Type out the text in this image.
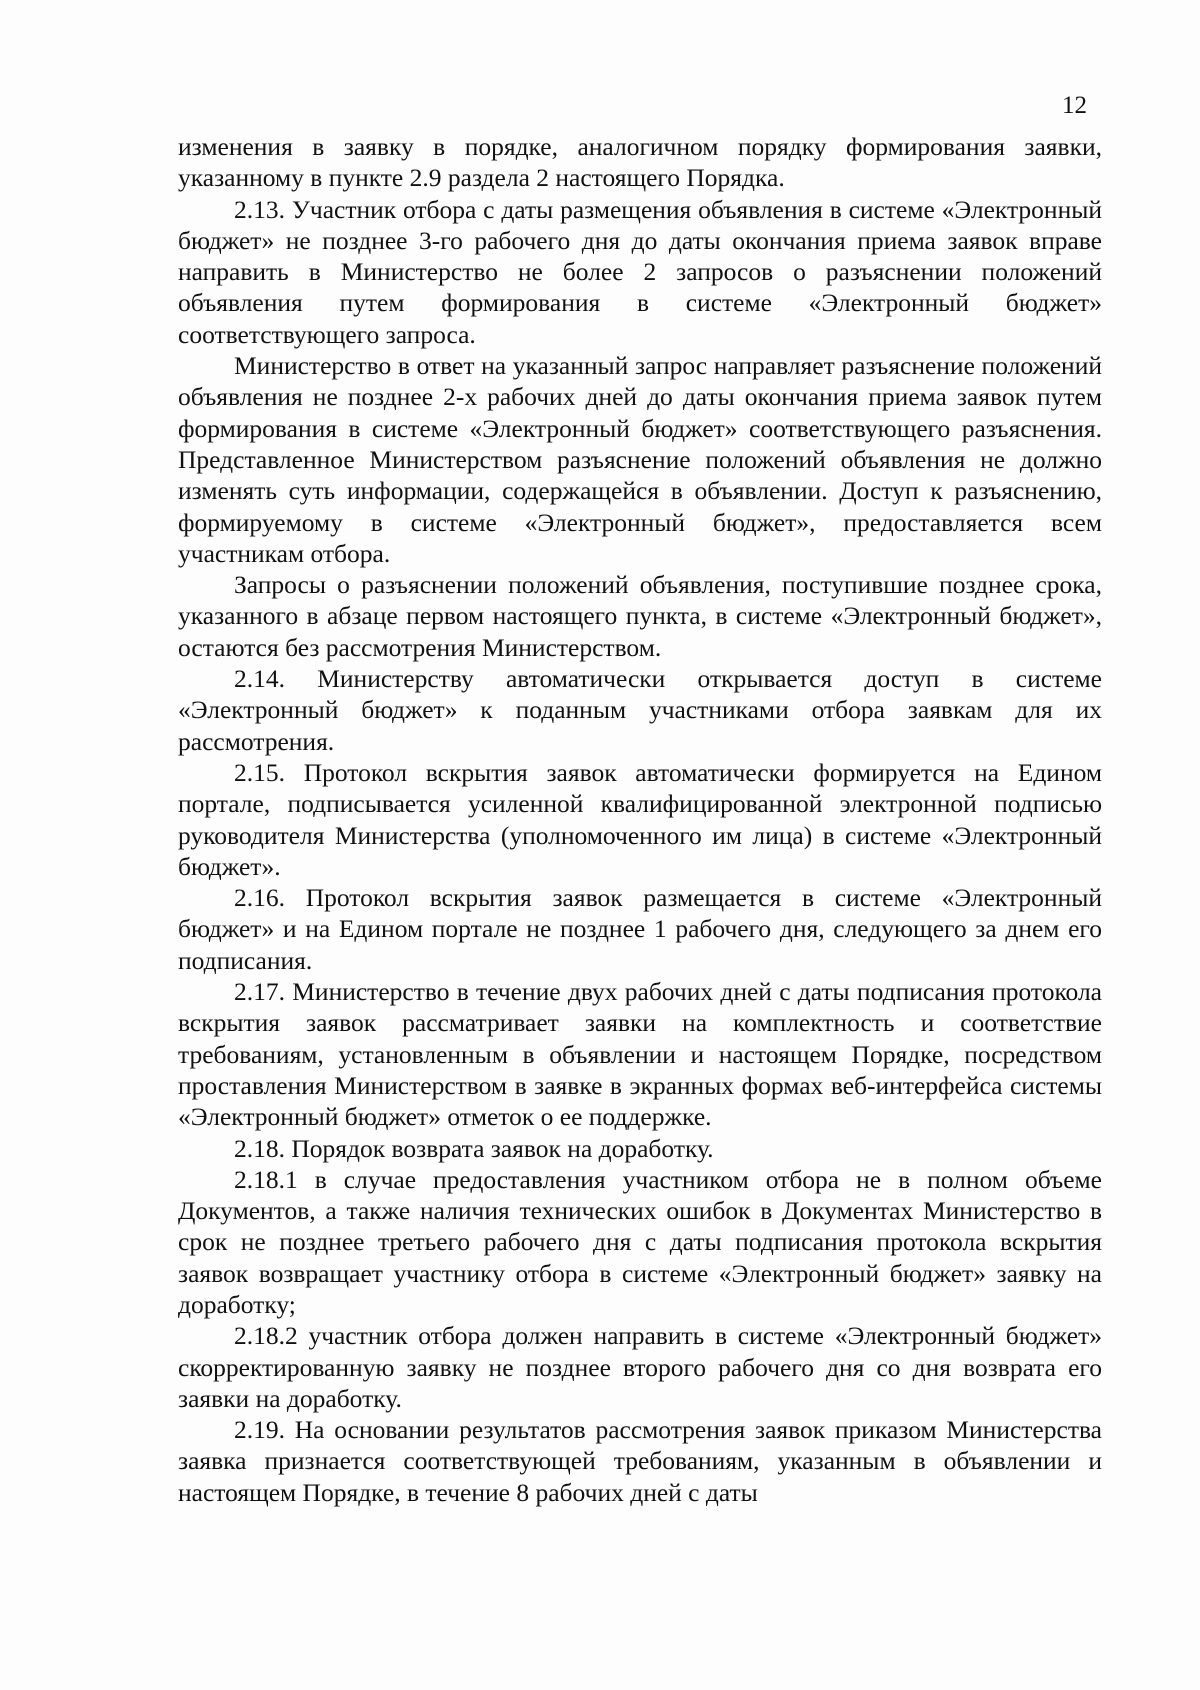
12

изменения в заявку в порядке, аналогичном порядку формирования заявки, указанному в пункте 2.9 раздела 2 настоящего Порядка.

2.13. Участник отбора с даты размещения объявления в системе «Электронный бюджет» не позднее 3-го рабочего дня до даты окончания приема заявок вправе направить в Министерство не более 2 запросов о разъяснении положений объявления путем формирования в системе «Электронный бюджет» соответствующего запроса.

Министерство в ответ на указанный запрос направляет разъяснение положений объявления не позднее 2-х рабочих дней до даты окончания приема заявок путем формирования в системе «Электронный бюджет» соответствующего разъяснения. Представленное Министерством разъяснение положений объявления не должно изменять суть информации, содержащейся в объявлении. Доступ к разъяснению, формируемому в системе «Электронный бюджет», предоставляется всем участникам отбора.

Запросы о разъяснении положений объявления, поступившие позднее срока, указанного в абзаце первом настоящего пункта, в системе «Электронный бюджет», остаются без рассмотрения Министерством.

2.14. Министерству автоматически открывается доступ в системе «Электронный бюджет» к поданным участниками отбора заявкам для их рассмотрения.

2.15. Протокол вскрытия заявок автоматически формируется на Едином портале, подписывается усиленной квалифицированной электронной подписью руководителя Министерства (уполномоченного им лица) в системе «Электронный бюджет».

2.16. Протокол вскрытия заявок размещается в системе «Электронный бюджет» и на Едином портале не позднее 1 рабочего дня, следующего за днем его подписания.

2.17. Министерство в течение двух рабочих дней с даты подписания протокола вскрытия заявок рассматривает заявки на комплектность и соответствие требованиям, установленным в объявлении и настоящем Порядке, посредством проставления Министерством в заявке в экранных формах веб-интерфейса системы «Электронный бюджет» отметок о ее поддержке.

2.18. Порядок возврата заявок на доработку.

2.18.1 в случае предоставления участником отбора не в полном объеме Документов, а также наличия технических ошибок в Документах Министерство в срок не позднее третьего рабочего дня с даты подписания протокола вскрытия заявок возвращает участнику отбора в системе «Электронный бюджет» заявку на доработку;

2.18.2 участник отбора должен направить в системе «Электронный бюджет» скорректированную заявку не позднее второго рабочего дня со дня возврата его заявки на доработку.

2.19. На основании результатов рассмотрения заявок приказом Министерства заявка признается соответствующей требованиям, указанным в объявлении и настоящем Порядке, в течение 8 рабочих дней с даты
